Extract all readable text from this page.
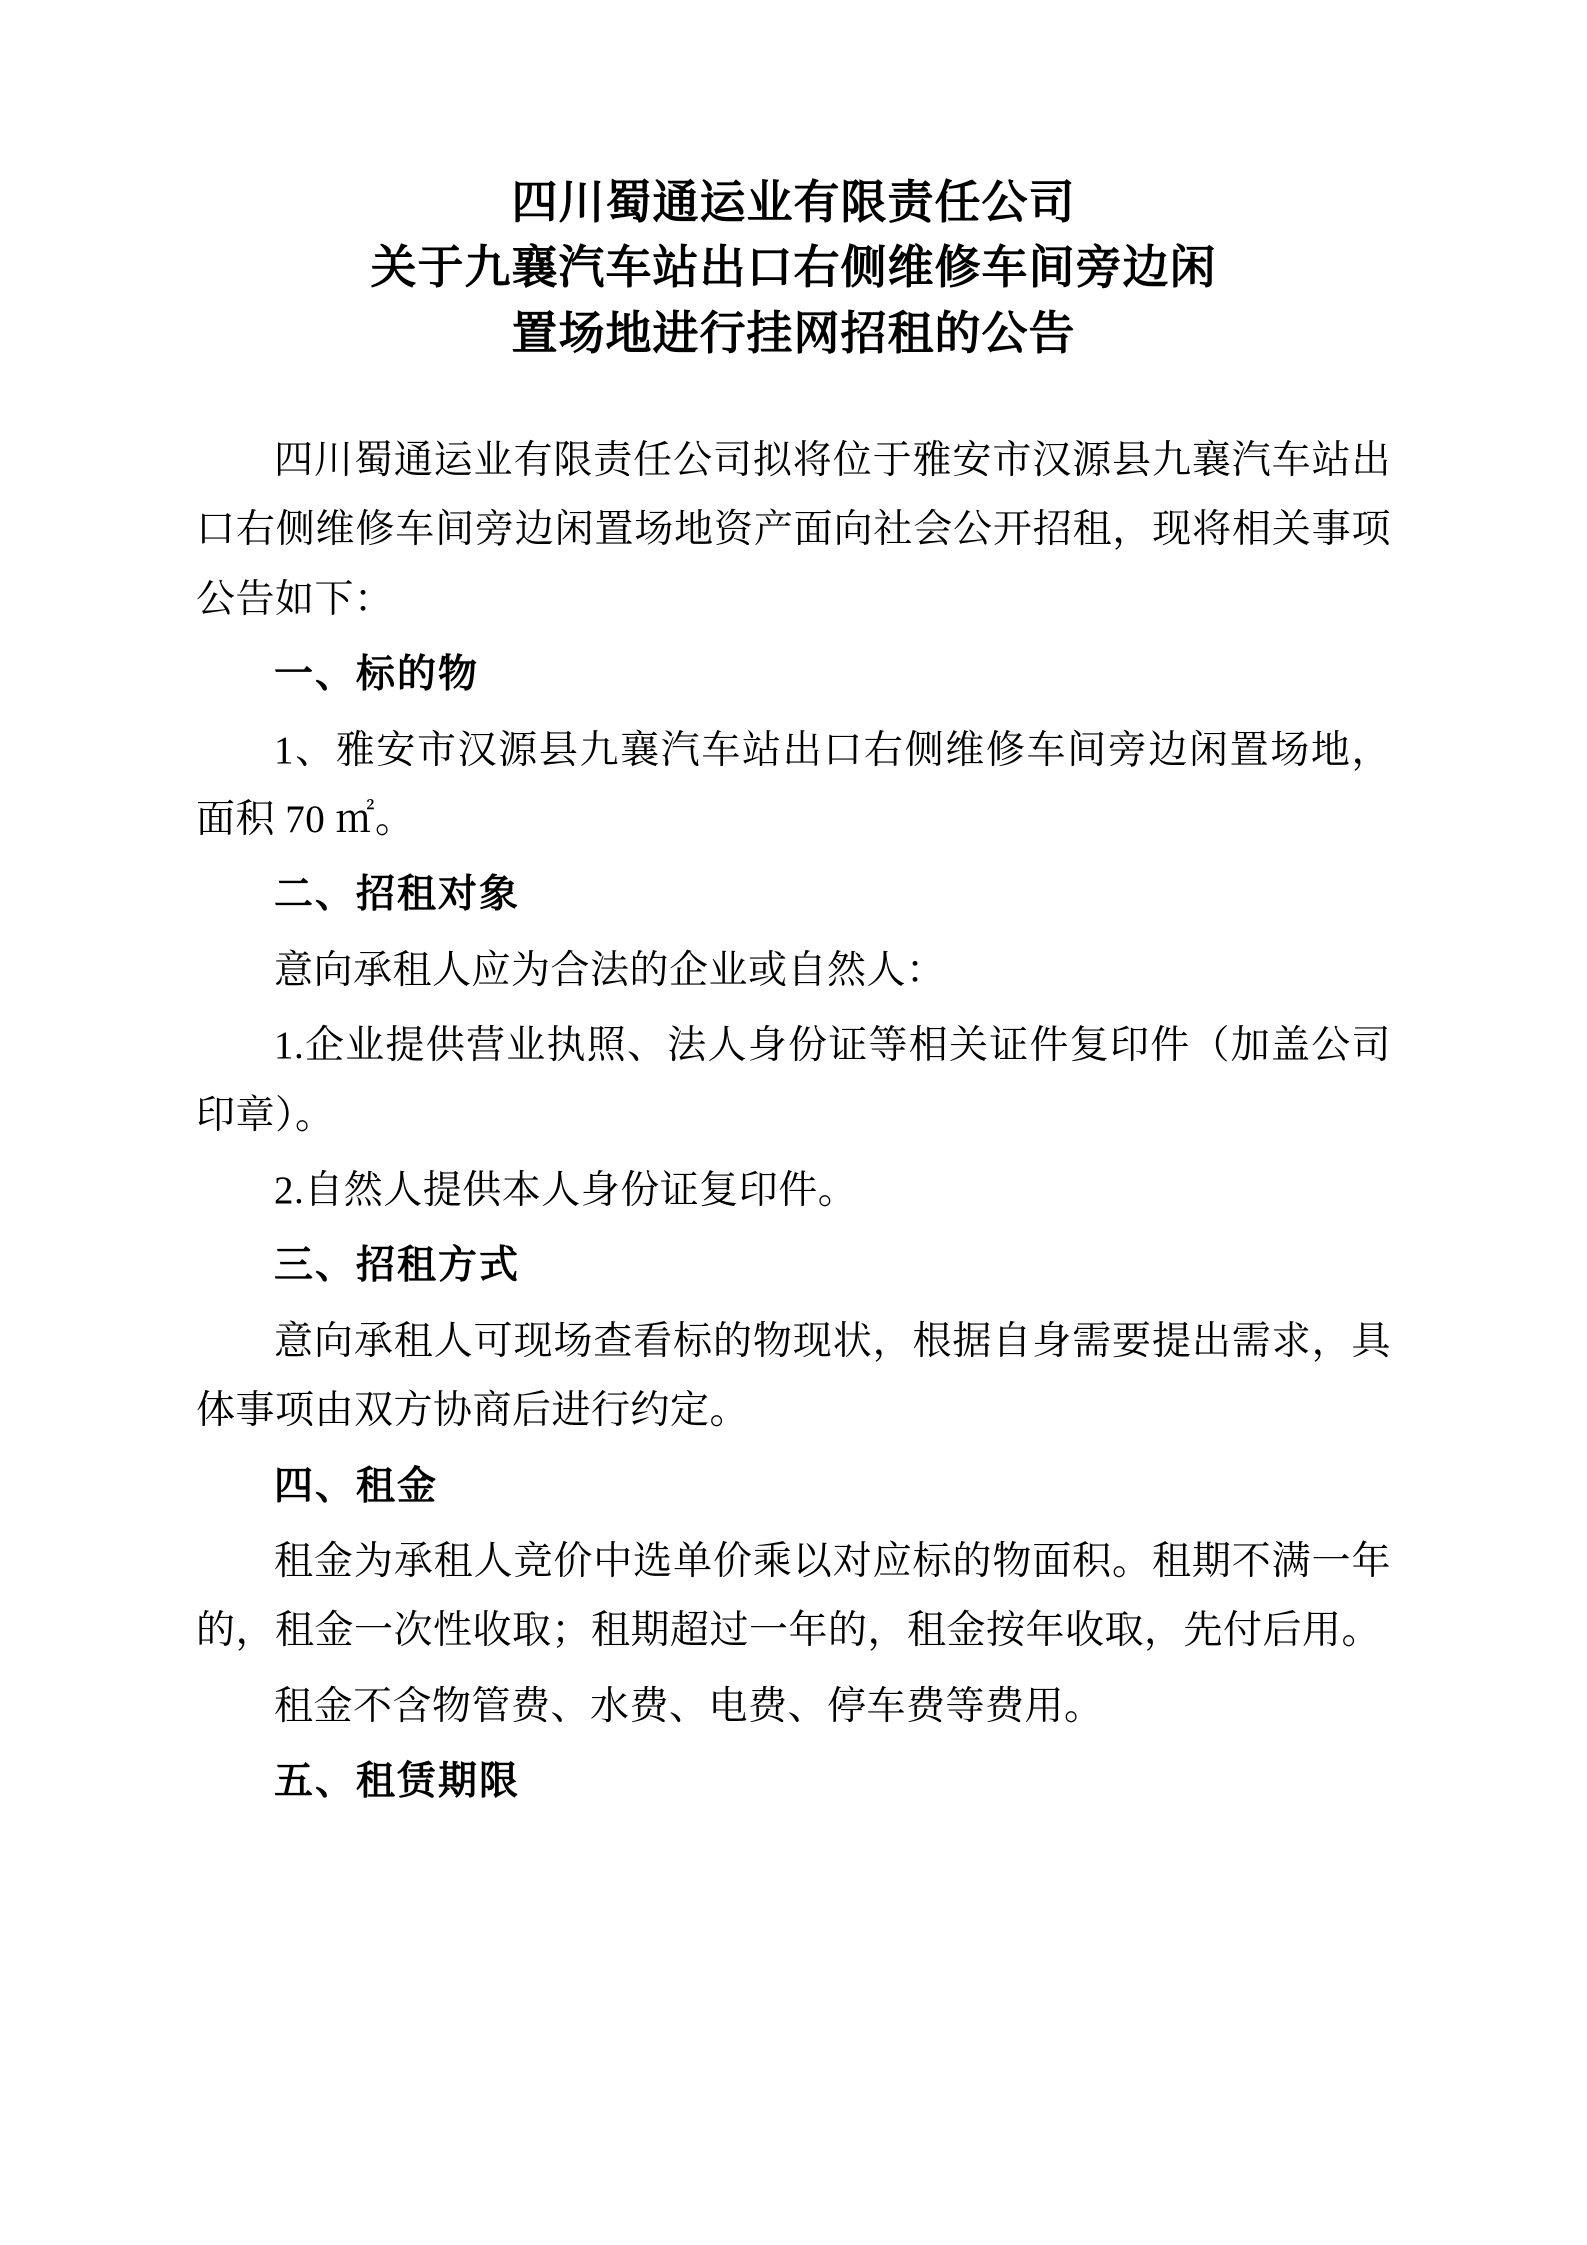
四川蜀通运业有限责任公司
关于九襄汽车站出口右侧维修车间旁边闲
置场地进行挂网招租的公告

四川蜀通运业有限责任公司拟将位于雅安市汉源县九襄汽车站出口右侧维修车间旁边闲置场地资产面向社会公开招租，现将相关事项公告如下：

一、标的物

1、雅安市汉源县九襄汽车站出口右侧维修车间旁边闲置场地，面积 70 ㎡。

二、招租对象

意向承租人应为合法的企业或自然人：

1.企业提供营业执照、法人身份证等相关证件复印件（加盖公司印章）。

2.自然人提供本人身份证复印件。

三、招租方式

意向承租人可现场查看标的物现状，根据自身需要提出需求，具体事项由双方协商后进行约定。

四、租金

租金为承租人竞价中选单价乘以对应标的物面积。租期不满一年的，租金一次性收取；租期超过一年的，租金按年收取，先付后用。

租金不含物管费、水费、电费、停车费等费用。

五、租赁期限
